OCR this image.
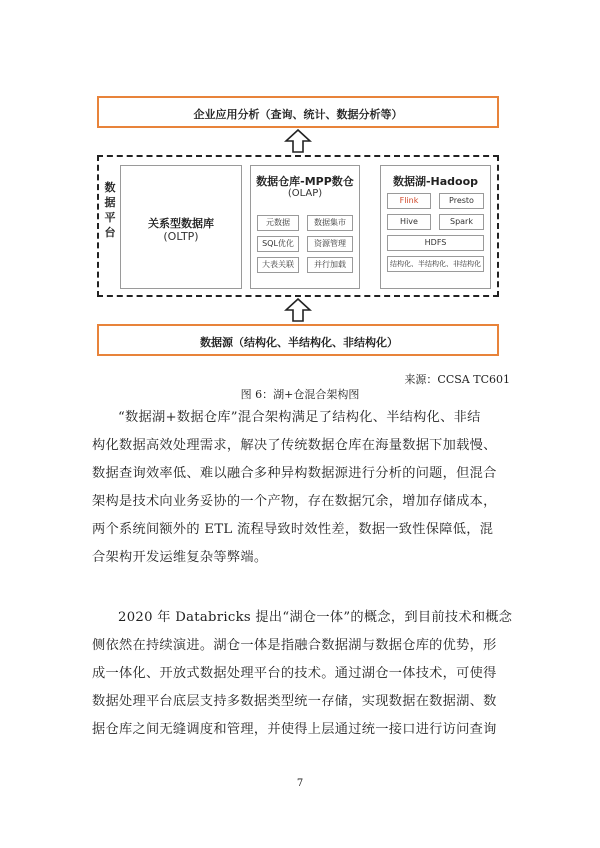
企业应用分析（查询、统计、数据分析等）
数
据
平
台
关系型数据库
(OLTP)
数据仓库-MPP数仓
(OLAP)
元数据	数据集市
SQL优化	资源管理
大表关联	并行加载
数据湖-Hadoop
Flink	Presto
Hive	Spark
HDFS
结构化、半结构化、非结构化
数据源（结构化、半结构化、非结构化）
来源：CCSA TC601
图 6：湖+仓混合架构图
“数据湖+数据仓库”混合架构满足了结构化、半结构化、非结
构化数据高效处理需求，解决了传统数据仓库在海量数据下加载慢、
数据查询效率低、难以融合多种异构数据源进行分析的问题，但混合
架构是技术向业务妥协的一个产物，存在数据冗余，增加存储成本，
两个系统间额外的 ETL 流程导致时效性差，数据一致性保障低，混
合架构开发运维复杂等弊端。
2020 年 Databricks 提出“湖仓一体”的概念，到目前技术和概念
侧依然在持续演进。湖仓一体是指融合数据湖与数据仓库的优势，形
成一体化、开放式数据处理平台的技术。通过湖仓一体技术，可使得
数据处理平台底层支持多数据类型统一存储，实现数据在数据湖、数
据仓库之间无缝调度和管理，并使得上层通过统一接口进行访问查询
7
